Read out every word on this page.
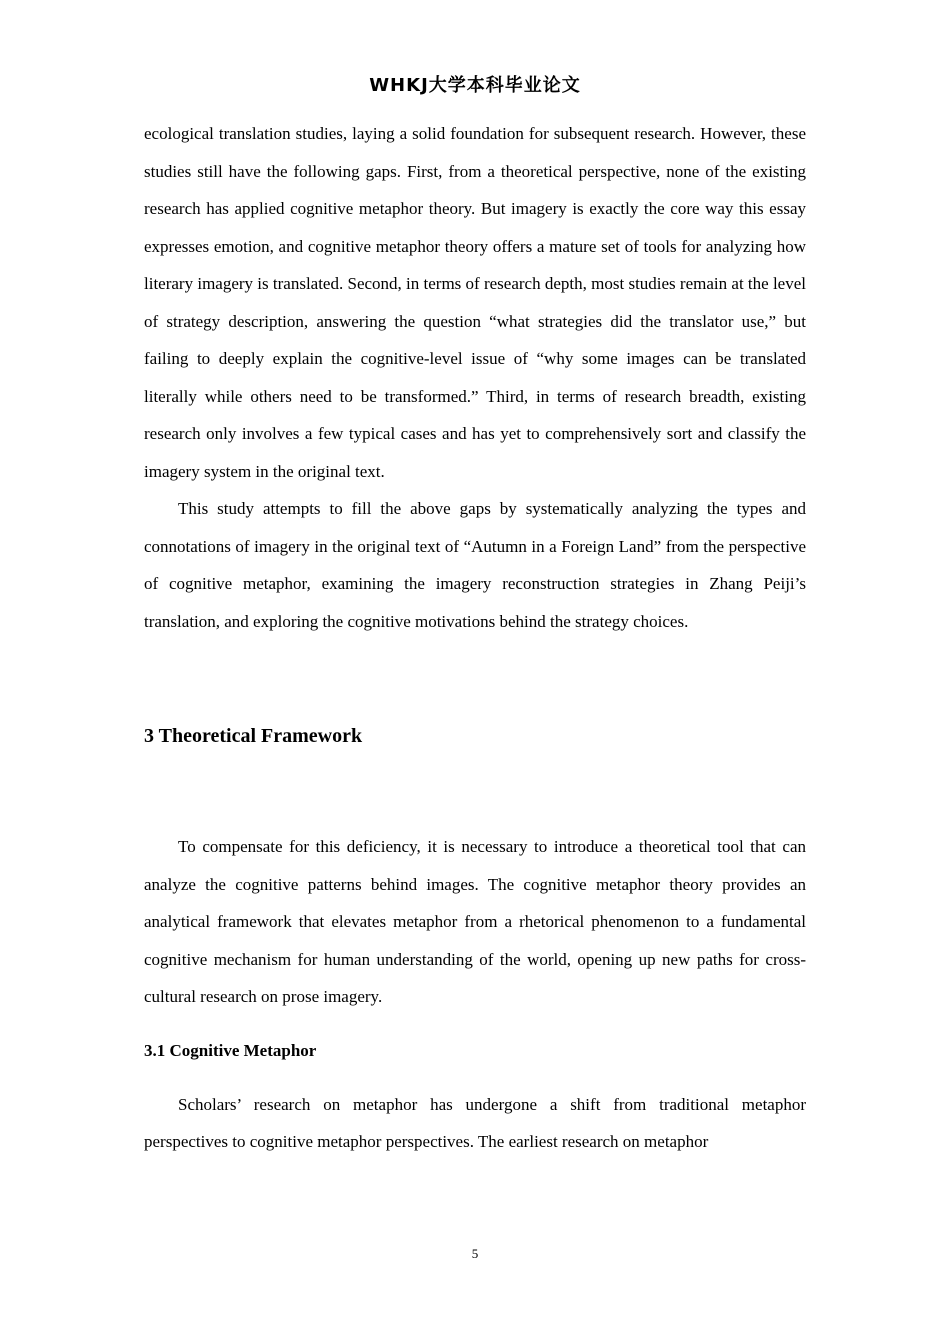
WHKJ大学本科毕业论文

ecological translation studies, laying a solid foundation for subsequent research. However, these studies still have the following gaps. First, from a theoretical perspective, none of the existing research has applied cognitive metaphor theory. But imagery is exactly the core way this essay expresses emotion, and cognitive metaphor theory offers a mature set of tools for analyzing how literary imagery is translated. Second, in terms of research depth, most studies remain at the level of strategy description, answering the question “what strategies did the translator use,” but failing to deeply explain the cognitive-level issue of “why some images can be translated literally while others need to be transformed.” Third, in terms of research breadth, existing research only involves a few typical cases and has yet to comprehensively sort and classify the imagery system in the original text.

This study attempts to fill the above gaps by systematically analyzing the types and connotations of imagery in the original text of “Autumn in a Foreign Land” from the perspective of cognitive metaphor, examining the imagery reconstruction strategies in Zhang Peiji’s translation, and exploring the cognitive motivations behind the strategy choices.

3 Theoretical Framework

To compensate for this deficiency, it is necessary to introduce a theoretical tool that can analyze the cognitive patterns behind images. The cognitive metaphor theory provides an analytical framework that elevates metaphor from a rhetorical phenomenon to a fundamental cognitive mechanism for human understanding of the world, opening up new paths for cross-cultural research on prose imagery.

3.1 Cognitive Metaphor

Scholars’ research on metaphor has undergone a shift from traditional metaphor perspectives to cognitive metaphor perspectives. The earliest research on metaphor

5
